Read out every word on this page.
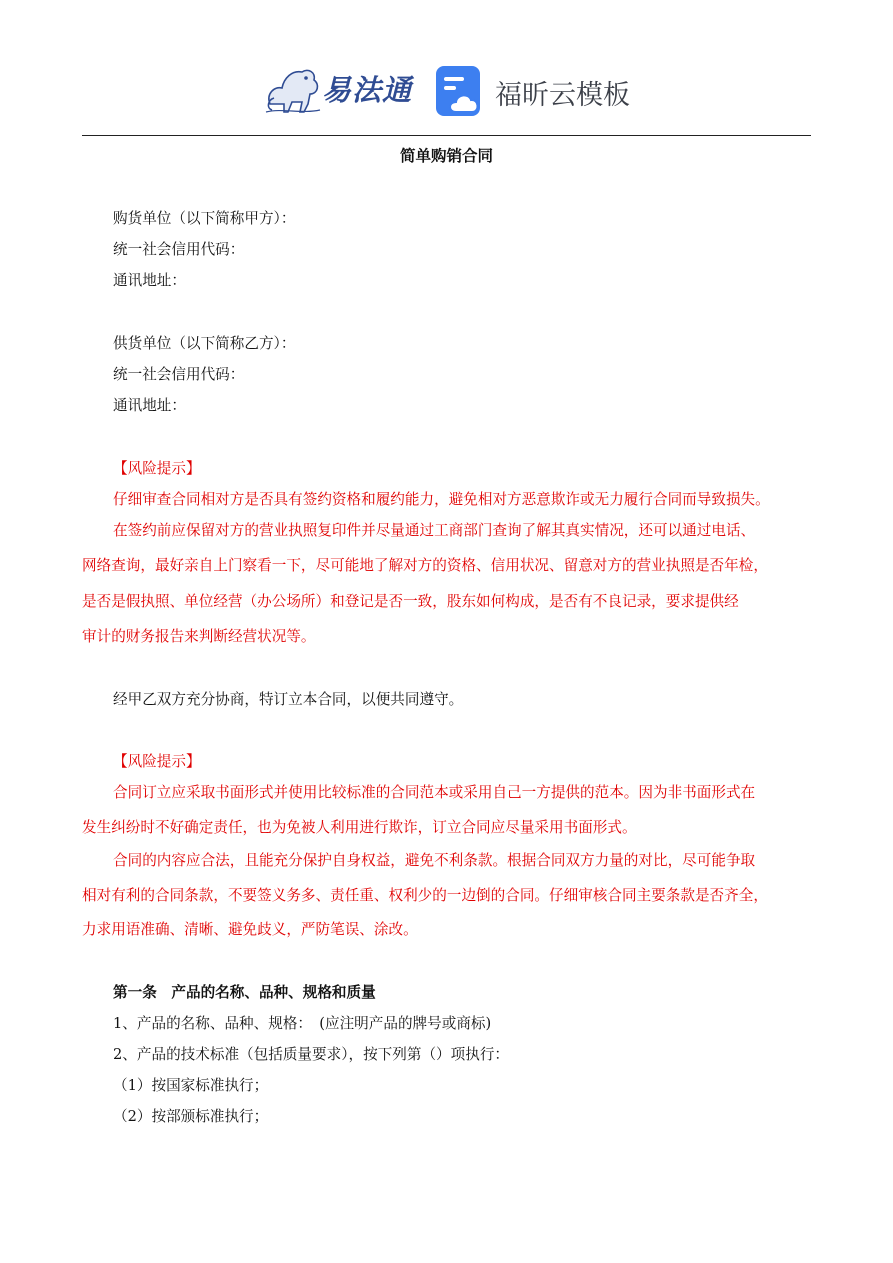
易法通	福昕云模板
简单购销合同
购货单位（以下简称甲方）：
统一社会信用代码：
通讯地址：
供货单位（以下简称乙方）：
统一社会信用代码：
通讯地址：
【风险提示】
仔细审查合同相对方是否具有签约资格和履约能力，避免相对方恶意欺诈或无力履行合同而导致损失。
在签约前应保留对方的营业执照复印件并尽量通过工商部门查询了解其真实情况，还可以通过电话、
网络查询，最好亲自上门察看一下，尽可能地了解对方的资格、信用状况、留意对方的营业执照是否年检，
是否是假执照、单位经营（办公场所）和登记是否一致，股东如何构成，是否有不良记录，要求提供经
审计的财务报告来判断经营状况等。
经甲乙双方充分协商，特订立本合同，以便共同遵守。
【风险提示】
合同订立应采取书面形式并使用比较标准的合同范本或采用自己一方提供的范本。因为非书面形式在
发生纠纷时不好确定责任，也为免被人利用进行欺诈，订立合同应尽量采用书面形式。
合同的内容应合法，且能充分保护自身权益，避免不利条款。根据合同双方力量的对比，尽可能争取
相对有利的合同条款，不要签义务多、责任重、权利少的一边倒的合同。仔细审核合同主要条款是否齐全，
力求用语准确、清晰、避免歧义，严防笔误、涂改。
第一条　产品的名称、品种、规格和质量
1、产品的名称、品种、规格：　(应注明产品的牌号或商标)
2、产品的技术标准（包括质量要求），按下列第（）项执行：
（1）按国家标准执行；
（2）按部颁标准执行；
